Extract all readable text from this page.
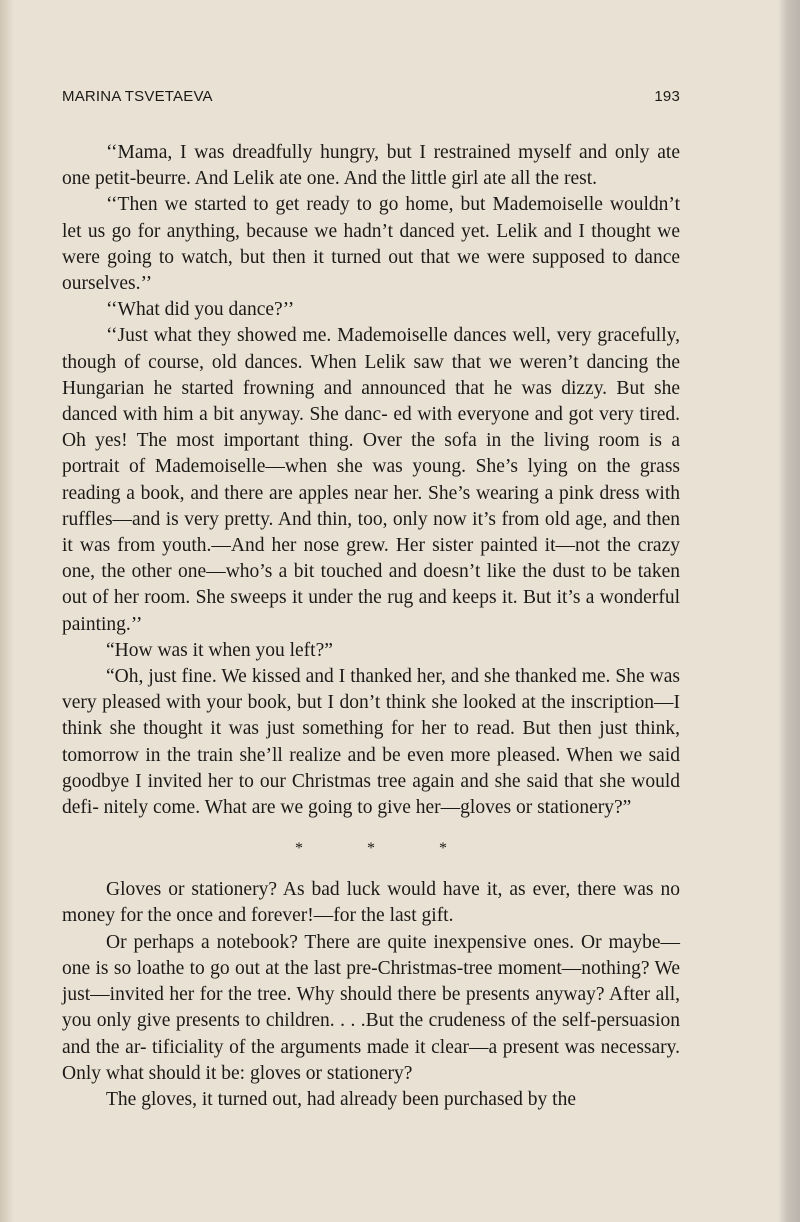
MARINA TSVETAEVA	193

‘‘Mama, I was dreadfully hungry, but I restrained myself and only ate one petit-beurre. And Lelik ate one. And the little girl ate all the rest.

‘‘Then we started to get ready to go home, but Mademoiselle wouldn’t let us go for anything, because we hadn’t danced yet. Lelik and I thought we were going to watch, but then it turned out that we were supposed to dance ourselves.’’

‘‘What did you dance?’’

‘‘Just what they showed me. Mademoiselle dances well, very gracefully, though of course, old dances. When Lelik saw that we weren’t dancing the Hungarian he started frowning and announced that he was dizzy. But she danced with him a bit anyway. She danc- ed with everyone and got very tired. Oh yes! The most important thing. Over the sofa in the living room is a portrait of Mademoiselle—when she was young. She’s lying on the grass reading a book, and there are apples near her. She’s wearing a pink dress with ruffles—and is very pretty. And thin, too, only now it’s from old age, and then it was from youth.—And her nose grew. Her sister painted it—not the crazy one, the other one—who’s a bit touched and doesn’t like the dust to be taken out of her room. She sweeps it under the rug and keeps it. But it’s a wonderful painting.’’

“How was it when you left?”

“Oh, just fine. We kissed and I thanked her, and she thanked me. She was very pleased with your book, but I don’t think she looked at the inscription—I think she thought it was just something for her to read. But then just think, tomorrow in the train she’ll realize and be even more pleased. When we said goodbye I invited her to our Christmas tree again and she said that she would defi- nitely come. What are we going to give her—gloves or stationery?”

* * *

Gloves or stationery? As bad luck would have it, as ever, there was no money for the once and forever!—for the last gift.

Or perhaps a notebook? There are quite inexpensive ones. Or maybe—one is so loathe to go out at the last pre-Christmas-tree moment—nothing? We just—invited her for the tree. Why should there be presents anyway? After all, you only give presents to children. . . .But the crudeness of the self-persuasion and the ar- tificiality of the arguments made it clear—a present was necessary. Only what should it be: gloves or stationery?

The gloves, it turned out, had already been purchased by the
